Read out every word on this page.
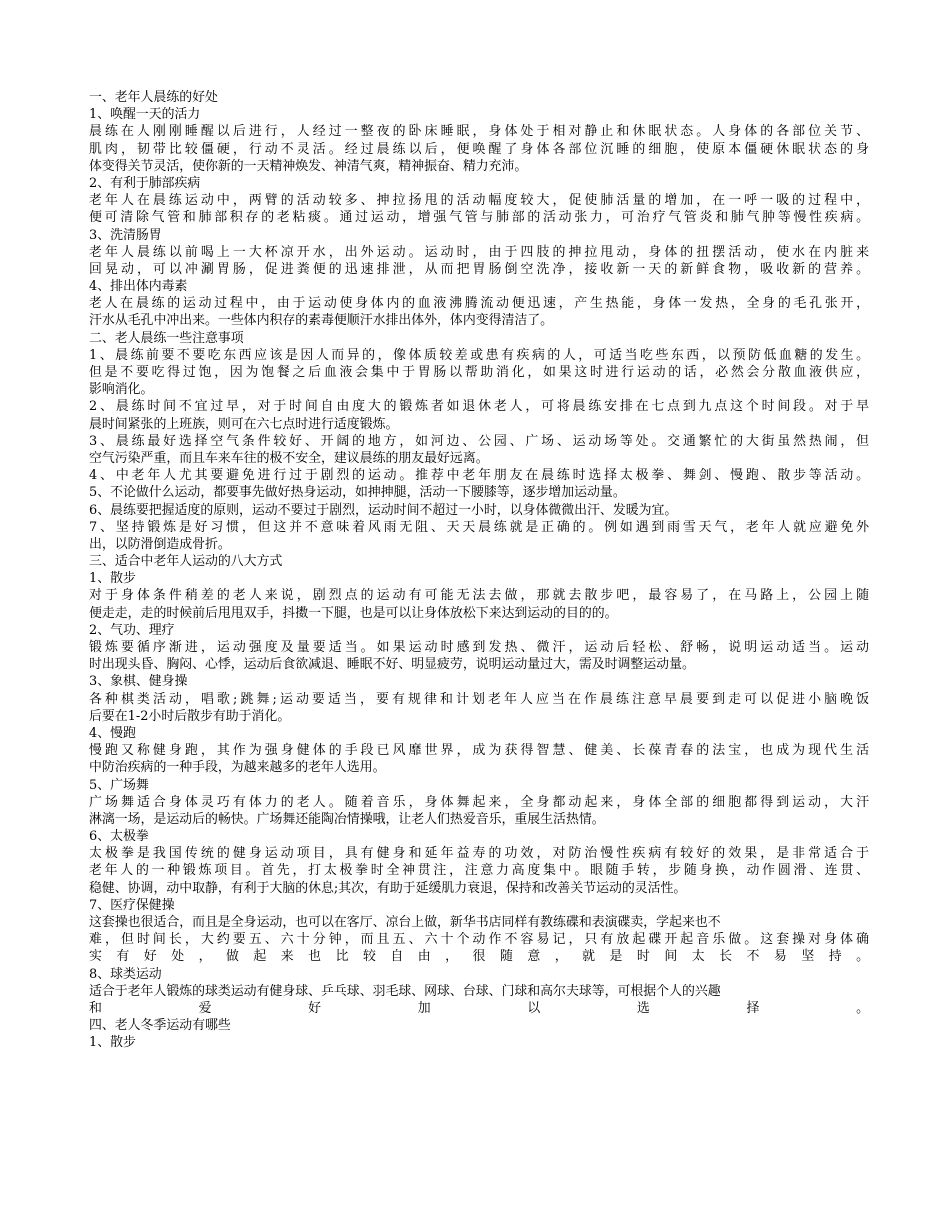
一、老年人晨练的好处
1、唤醒一天的活力
晨练在人刚刚睡醒以后进行，人经过一整夜的卧床睡眠，身体处于相对静止和休眠状态。人身体的各部位关节、
肌肉，韧带比较僵硬，行动不灵活。经过晨练以后，便唤醒了身体各部位沉睡的细胞，使原本僵硬休眠状态的身
体变得关节灵活，使你新的一天精神焕发、神清气爽，精神振奋、精力充沛。
2、有利于肺部疾病
老年人在晨练运动中，两臂的活动较多、抻拉扬甩的活动幅度较大，促使肺活量的增加，在一呼一吸的过程中，
便可清除气管和肺部积存的老粘痰。通过运动，增强气管与肺部的活动张力，可治疗气管炎和肺气肿等慢性疾病。
3、洗清肠胃
老年人晨练以前喝上一大杯凉开水，出外运动。运动时，由于四肢的抻拉甩动，身体的扭摆活动，使水在内脏来
回晃动，可以冲涮胃肠，促进粪便的迅速排泄，从而把胃肠倒空洗净，接收新一天的新鲜食物，吸收新的营养。
4、排出体内毒素
老人在晨练的运动过程中，由于运动使身体内的血液沸腾流动便迅速，产生热能，身体一发热，全身的毛孔张开，
汗水从毛孔中冲出来。一些体内积存的素毒便顺汗水排出体外，体内变得清洁了。
二、老人晨练一些注意事项
1、晨练前要不要吃东西应该是因人而异的，像体质较差或患有疾病的人，可适当吃些东西，以预防低血糖的发生。
但是不要吃得过饱，因为饱餐之后血液会集中于胃肠以帮助消化，如果这时进行运动的话，必然会分散血液供应，
影响消化。
2、晨练时间不宜过早，对于时间自由度大的锻炼者如退休老人，可将晨练安排在七点到九点这个时间段。对于早
晨时间紧张的上班族，则可在六七点时进行适度锻炼。
3、晨练最好选择空气条件较好、开阔的地方，如河边、公园、广场、运动场等处。交通繁忙的大街虽然热闹，但
空气污染严重，而且车来车往的极不安全，建议晨练的朋友最好远离。
4、中老年人尤其要避免进行过于剧烈的运动。推荐中老年朋友在晨练时选择太极拳、舞剑、慢跑、散步等活动。
5、不论做什么运动，都要事先做好热身运动，如抻抻腿，活动一下腰膝等，逐步增加运动量。
6、晨练要把握适度的原则，运动不要过于剧烈，运动时间不超过一小时，以身体微微出汗、发暖为宜。
7、坚持锻炼是好习惯，但这并不意味着风雨无阻、天天晨练就是正确的。例如遇到雨雪天气，老年人就应避免外
出，以防滑倒造成骨折。
三、适合中老年人运动的八大方式
1、散步
对于身体条件稍差的老人来说，剧烈点的运动有可能无法去做，那就去散步吧，最容易了，在马路上，公园上随
便走走，走的时候前后甩甩双手，抖擞一下腿，也是可以让身体放松下来达到运动的目的的。
2、气功、理疗
锻炼要循序渐进，运动强度及量要适当。如果运动时感到发热、微汗，运动后轻松、舒畅，说明运动适当。运动
时出现头昏、胸闷、心悸，运动后食欲减退、睡眠不好、明显疲劳，说明运动量过大，需及时调整运动量。
3、象棋、健身操
各种棋类活动，唱歌;跳舞;运动要适当，要有规律和计划老年人应当在作晨练注意早晨要到走可以促进小脑晚饭
后要在1-2小时后散步有助于消化。
4、慢跑
慢跑又称健身跑，其作为强身健体的手段已风靡世界，成为获得智慧、健美、长葆青春的法宝，也成为现代生活
中防治疾病的一种手段，为越来越多的老年人选用。
5、广场舞
广场舞适合身体灵巧有体力的老人。随着音乐，身体舞起来，全身都动起来，身体全部的细胞都得到运动，大汗
淋漓一场，是运动后的畅快。广场舞还能陶冶情操哦，让老人们热爱音乐，重展生活热情。
6、太极拳
太极拳是我国传统的健身运动项目，具有健身和延年益寿的功效，对防治慢性疾病有较好的效果，是非常适合于
老年人的一种锻炼项目。首先，打太极拳时全神贯注，注意力高度集中。眼随手转，步随身换，动作圆滑、连贯、
稳健、协调，动中取静，有利于大脑的休息;其次，有助于延缓肌力衰退，保持和改善关节运动的灵活性。
7、医疗保健操
这套操也很适合，而且是全身运动，也可以在客厅、凉台上做，新华书店同样有教练碟和表演碟卖，学起来也不
难，但时间长，大约要五、六十分钟，而且五、六十个动作不容易记，只有放起碟开起音乐做。这套操对身体确
实有好处，做起来也比较自由，很随意，就是时间太长不易坚持。
8、球类运动
适合于老年人锻炼的球类运动有健身球、乒乓球、羽毛球、网球、台球、门球和高尔夫球等，可根据个人的兴趣
和爱好加以选择。
四、老人冬季运动有哪些
1、散步
